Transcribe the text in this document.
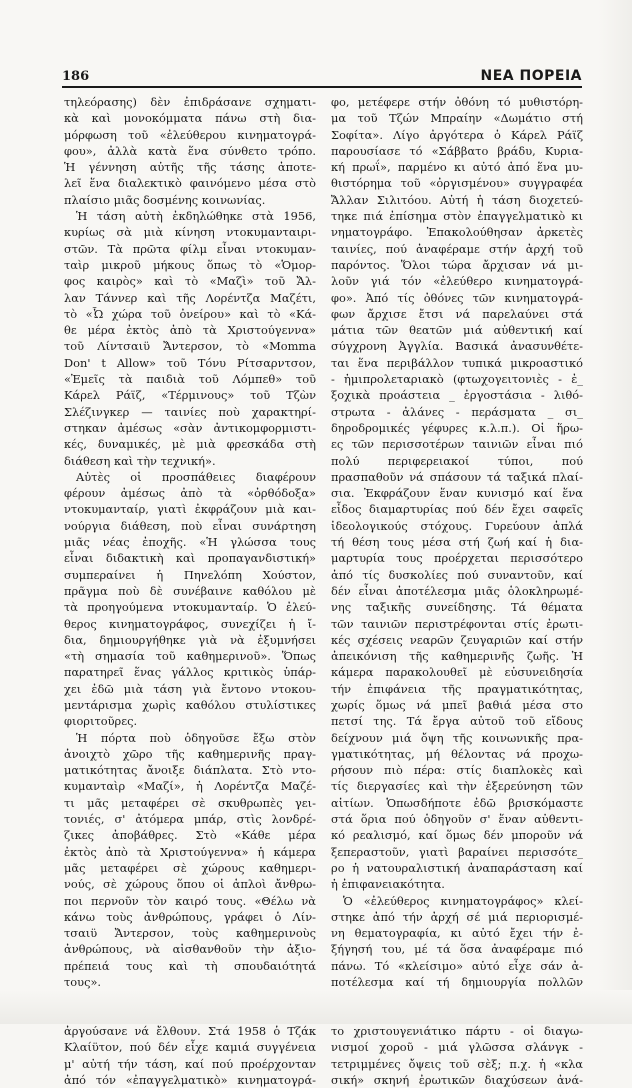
186	ΝΕΑ ΠΟΡΕΙΑ
τηλεόρασης) δὲν ἐπιδράσανε σχηματι-
κὰ καὶ μονοκόμματα πάνω στὴ δια-
μόρφωση τοῦ «ἐλεύθερου κινηματογρά-
φου», ἀλλὰ κατὰ ἕνα σύνθετο τρόπο.
Ἡ γέννηση αὐτῆς τῆς τάσης ἀποτε-
λεῖ ἕνα διαλεκτικὸ φαινόμενο μέσα στὸ
πλαίσιο μιᾶς δοσμένης κοινωνίας.
Ἡ τάση αὐτὴ ἐκδηλώθηκε στὰ 1956,
κυρίως σὰ μιὰ κίνηση ντοκυμανταιρι-
στῶν. Τὰ πρῶτα φίλμ εἶναι ντοκυμαν-
ταὶρ μικροῦ μήκους ὅπως τὸ «Ὁμορ-
φος καιρὸς» καὶ τὸ «Μαζὶ» τοῦ Ἄλ-
λαν Τάννερ καὶ τῆς Λορέντζα Μαζέτι,
τὸ «Ὦ χώρα τοῦ ὀνείρου» καὶ τὸ «Κά-
θε μέρα ἐκτὸς ἀπὸ τὰ Χριστούγεννα»
τοῦ Λίντσαιϋ Ἄντερσον, τὸ «Momma
Don' t Allow» τοῦ Τόνυ Ρίτσαρντσον,
«Ἐμεῖς τὰ παιδιὰ τοῦ Λόμπεθ» τοῦ
Κάρελ Ράϊζ, «Τέρμινους» τοῦ Τζὼν
Σλέζινγκερ — ταινίες ποὺ χαρακτηρί-
στηκαν ἀμέσως «σὰν ἀντικομφορμιστι-
κές, δυναμικές, μὲ μιὰ φρεσκάδα στὴ
διάθεση καὶ τὴν τεχνική».
Αὐτὲς οἱ προσπάθειες διαφέρουν
φέρουν ἀμέσως ἀπὸ τὰ «ὀρθόδοξα»
ντοκυμανταίρ, γιατὶ ἐκφράζουν μιὰ και-
νούργια διάθεση, ποὺ εἶναι συνάρτηση
μιᾶς νέας ἐποχῆς. «Ἡ γλώσσα τους
εἶναι διδακτικὴ καὶ προπαγανδιστική»
συμπεραίνει ἡ Πηνελόπη Χούστον,
πρᾶγμα ποὺ δὲ συνέβαινε καθόλου μὲ
τὰ προηγούμενα ντοκυμανταίρ. Ὁ ἐλεύ-
θερος κινηματογράφος, συνεχίζει ἡ ἴ-
δια, δημιουργήθηκε γιὰ νὰ ἐξυμνήσει
«τὴ σημασία τοῦ καθημερινοῦ». Ὅπως
παρατηρεῖ ἕνας γάλλος κριτικὸς ὑπάρ-
χει ἐδῶ μιὰ τάση γιὰ ἔντονο ντοκου-
μεντάρισμα χωρὶς καθόλου στυλίστικες
φιοριτοῦρες.
Ἡ πόρτα ποὺ ὁδηγοῦσε ἔξω στὸν
ἀνοιχτὸ χῶρο τῆς καθημερινῆς πραγ-
ματικότητας ἄνοιξε διάπλατα. Στὸ ντο-
κυμανταὶρ «Μαζί», ἡ Λορέντζα Μαζέ-
τι μᾶς μεταφέρει σὲ σκυθρωπὲς γει-
τονιές, σ' ἀτόμερα μπάρ, στὶς λονδρέ-
ζικες ἀποβάθρες. Στὸ «Κάθε μέρα
ἐκτὸς ἀπὸ τὰ Χριστούγεννα» ἡ κάμερα
μᾶς μεταφέρει σὲ χώρους καθημερι-
νούς, σὲ χώρους ὅπου οἱ ἁπλοὶ ἄνθρω-
ποι περνοῦν τὸν καιρό τους. «Θέλω νὰ
κάνω τοὺς ἀνθρώπους, γράφει ὁ Λίν-
τσαιϋ Ἄντερσον, τοὺς καθημερινοὺς
ἀνθρώπους, νὰ αἰσθανθοῦν τὴν ἀξιο-
πρέπειά τους καὶ τὴ σπουδαιότητά
τους».
ἀργούσανε νά ἔλθουν. Στά 1958 ὁ Τζάκ
Κλαίϋτον, πού δέν εἶχε καμιά συγγένεια
μ' αὐτή τήν τάση, καί πού προέρχονταν
ἀπό τόν «ἐπαγγελματικὸ» κινηματογρά-
φο, μετέφερε στήν ὀθόνη τό μυθιστόρη-
μα τοῦ Τζών Μπραίην «Δωμάτιο στή
Σοφίτα». Λίγο ἀργότερα ὁ Κάρελ Ράϊζ
παρουσίασε τό «Σάββατο βράδυ, Κυρια-
κή πρωΐ», παρμένο κι αὐτό ἀπό ἕνα μυ-
θιστόρημα τοῦ «ὀργισμένου» συγγραφέα
Ἄλλαν Σιλιτόου. Αὐτή ἡ τάση διοχετεύ-
τηκε πιά ἐπίσημα στὸν ἐπαγγελματικὸ κι
νηματογράφο. Ἐπακολούθησαν ἀρκετὲς
ταινίες, πού ἀναφέραμε στήν ἀρχή τοῦ
παρόντος. Ὅλοι τώρα ἄρχισαν νά μι-
λοῦν γιά τόν «ἐλεύθερο κινηματογρά-
φο». Ἀπό τίς ὀθόνες τῶν κινηματογρά-
φων ἄρχισε ἔτσι νά παρελαύνει στά
μάτια τῶν θεατῶν μιά αὐθεντική καί
σύγχρονη Ἀγγλία. Βασικά ἀνασυνθέτε-
ται ἕνα περιβάλλον τυπικά μικροαστικό
- ἡμιπρολεταριακὸ (φτωχογειτονιὲς - ἐ_
ξοχικὰ προάστεια _ ἐργοστάσια - λιθό-
στρωτα - ἀλάνες - περάσματα _ σι_
δηροδρομικές γέφυρες κ.λ.π.). Οἱ ἥρω-
ες τῶν περισσοτέρων ταινιῶν εἶναι πιό
πολύ περιφερειακοί τύποι, πού
πρασπαθοῦν νά σπάσουν τά ταξικά πλαί-
σια. Ἐκφράζουν ἕναν κυνισμό καί ἕνα
εἶδος διαμαρτυρίας πού δέν ἔχει σαφεῖς
ἰδεολογικούς στόχους. Γυρεύουν ἁπλά
τή θέση τους μέσα στή ζωή καί ἡ δια-
μαρτυρία τους προέρχεται περισσότερο
ἀπό τίς δυσκολίες πού συναντοῦν, καί
δέν εἶναι ἀποτέλεσμα μιᾶς ὁλοκληρωμέ-
νης ταξικῆς συνείδησης. Τά θέματα
τῶν ταινιῶν περιστρέφονται στίς ἐρωτι-
κές σχέσεις νεαρῶν ζευγαριῶν καί στήν
ἀπεικόνιση τῆς καθημερινῆς ζωῆς. Ἡ
κάμερα παρακολουθεῖ μὲ εὐσυνειδησία
τήν ἐπιφάνεια τῆς πραγματικότητας,
χωρίς ὅμως νά μπεῖ βαθιά μέσα στο
πετσί της. Τά ἔργα αὐτοῦ τοῦ εἴδους
δείχνουν μιά ὄψη τῆς κοινωνικῆς πρα-
γματικότητας, μή θέλοντας νά προχω-
ρήσουν πιὸ πέρα: στίς διαπλοκὲς καὶ
τίς διεργασίες καὶ τὴν ἐξερεύνηση τῶν
αἰτίων. Ὁπωσδήποτε ἐδῶ βρισκόμαστε
στά ὅρια πού ὁδηγοῦν σ' ἕναν αὐθεντι-
κό ρεαλισμό, καί ὅμως δέν μποροῦν νά
ξεπεραστοῦν, γιατὶ βαραίνει περισσότε_
ρο ἡ νατουραλιστική ἀναπαράσταση καί
ἡ ἐπιφανειακότητα.
Ὁ «ἐλεύθερος κινηματογράφος» κλεί-
στηκε ἀπό τήν ἀρχή σέ μιά περιορισμέ-
νη θεματογραφία, κι αὐτό ἔχει τήν ἐ-
ξήγησή του, μέ τά ὅσα ἀναφέραμε πιό
πάνω. Τό «κλείσιμο» αὐτό εἶχε σάν ἀ-
ποτέλεσμα καί τή δημιουργία πολλῶν
το χριστουγενιάτικο πάρτυ - οἱ διαγω-
νισμοί χοροῦ - μιά γλῶσσα σλάνγκ -
τετριμμένες ὄψεις τοῦ σὲξ; π.χ. ἡ «κλα
σική» σκηνή ἐρωτικῶν διαχύσεων ἀνά-
